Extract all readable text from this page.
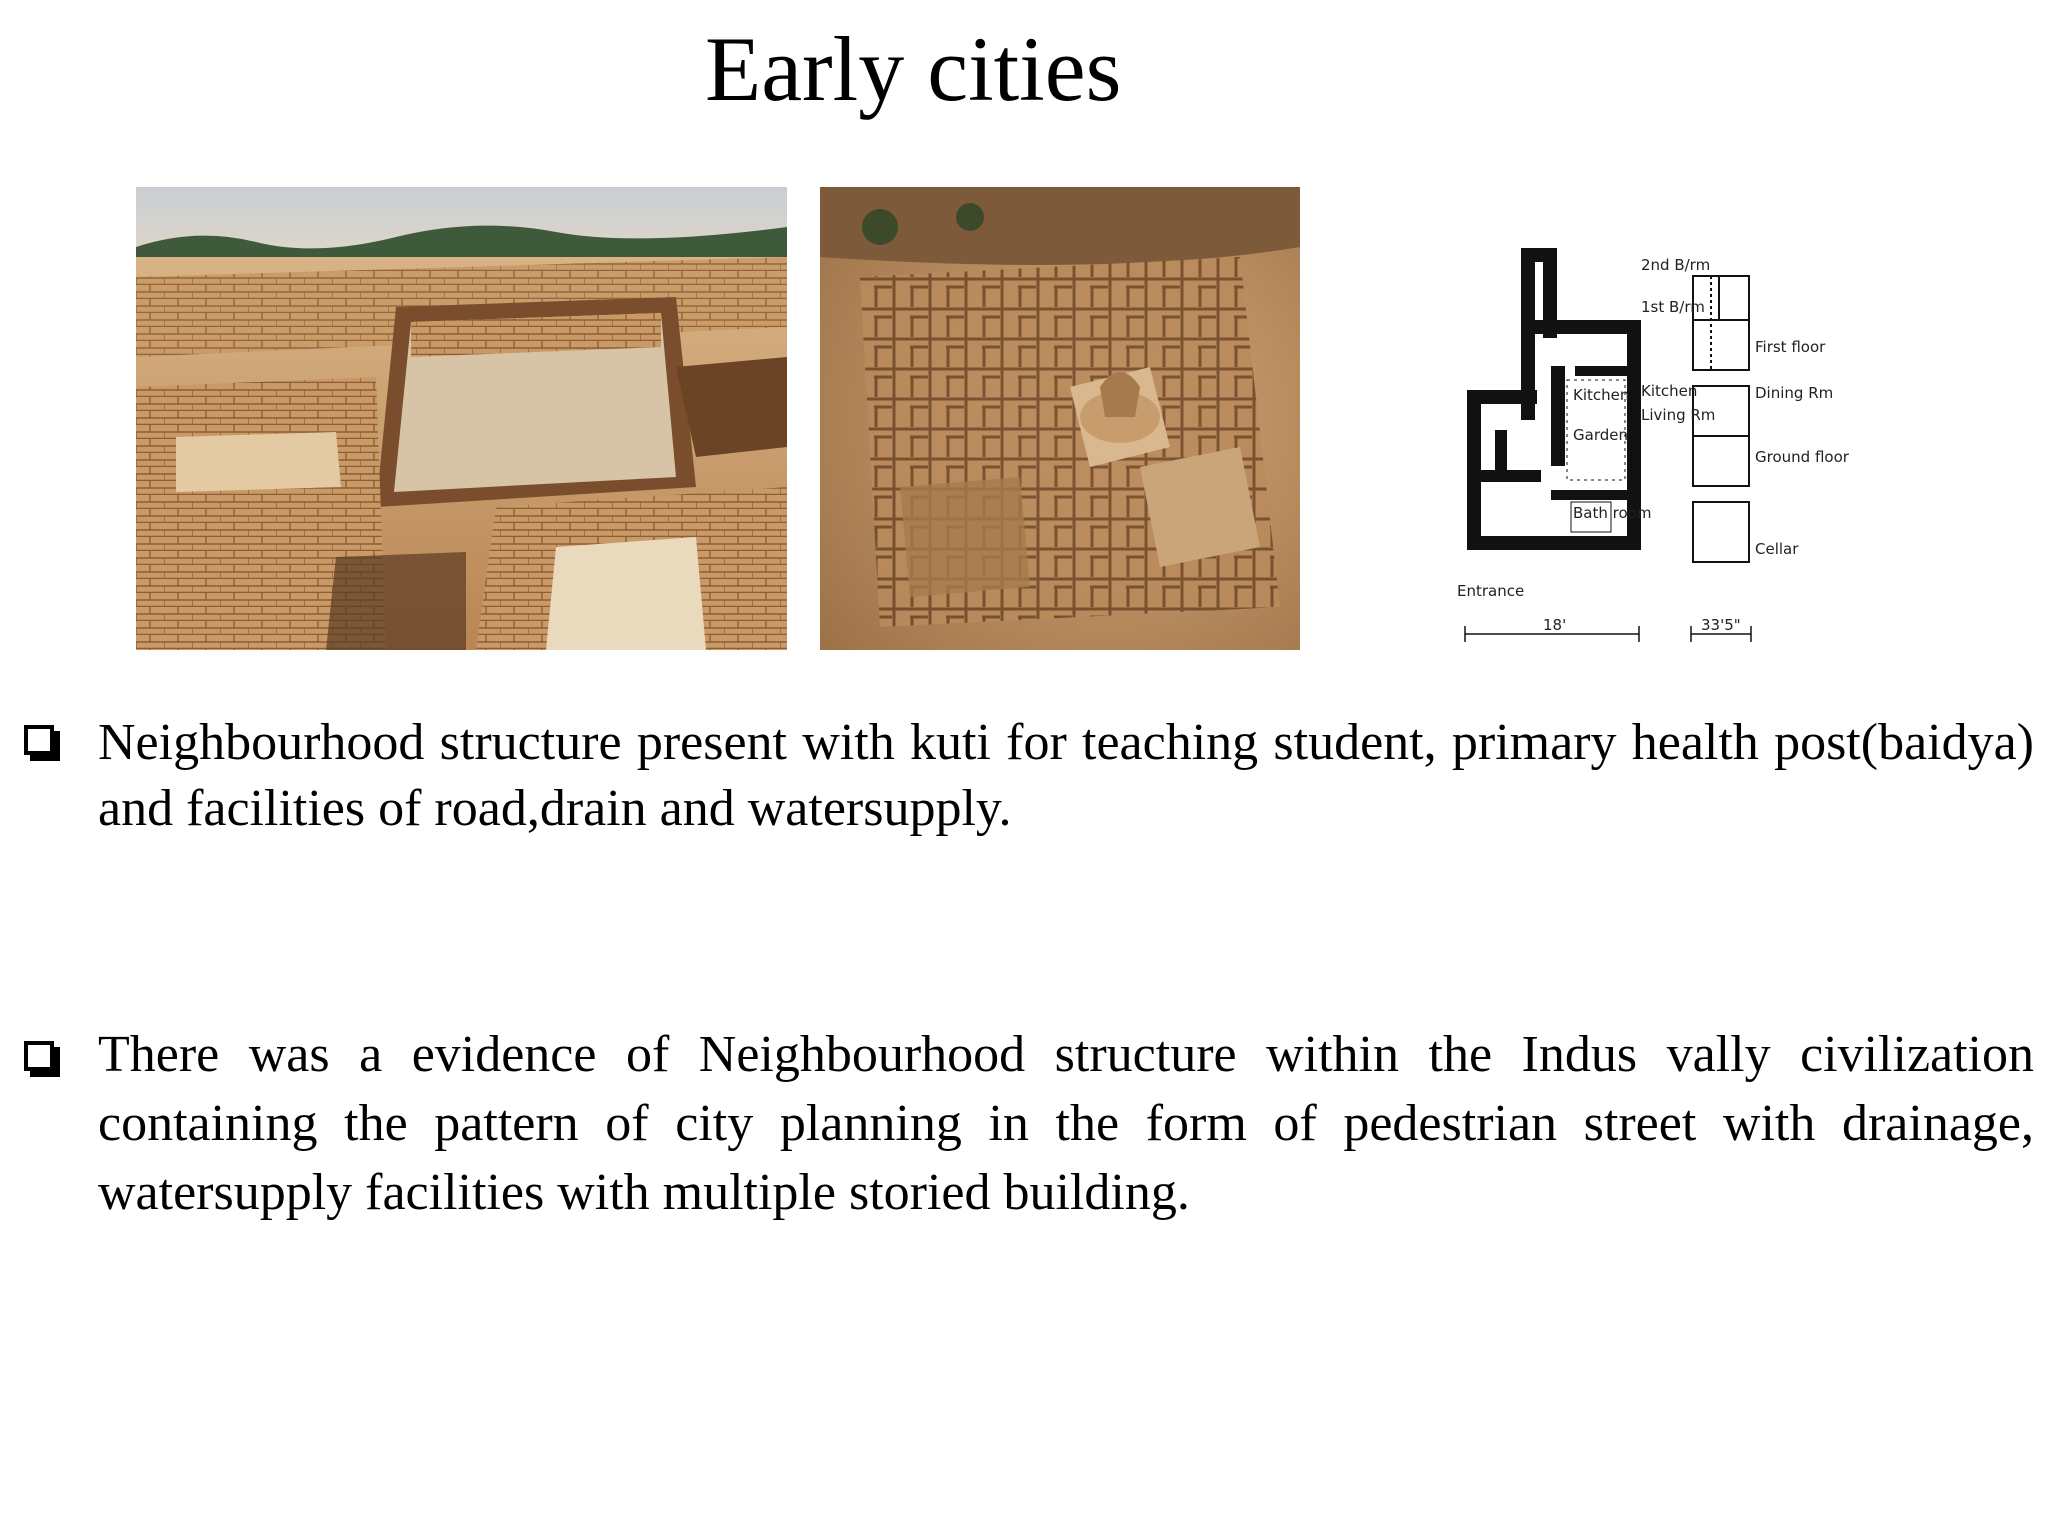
Early cities
Kitchen
Garden
Bath room
Entrance
2nd B/rm
1st B/rm
First floor
Kitchen	Dining Rm
Living Rm
Ground floor
Cellar
18'	33'5"
Neighbourhood structure present with kuti for teaching student, primary health post(baidya) and facilities of road,drain and watersupply.
There was a evidence of Neighbourhood structure within the Indus vally civilization containing the pattern of city planning in the form of pedestrian street with drainage, watersupply facilities with multiple storied building.
